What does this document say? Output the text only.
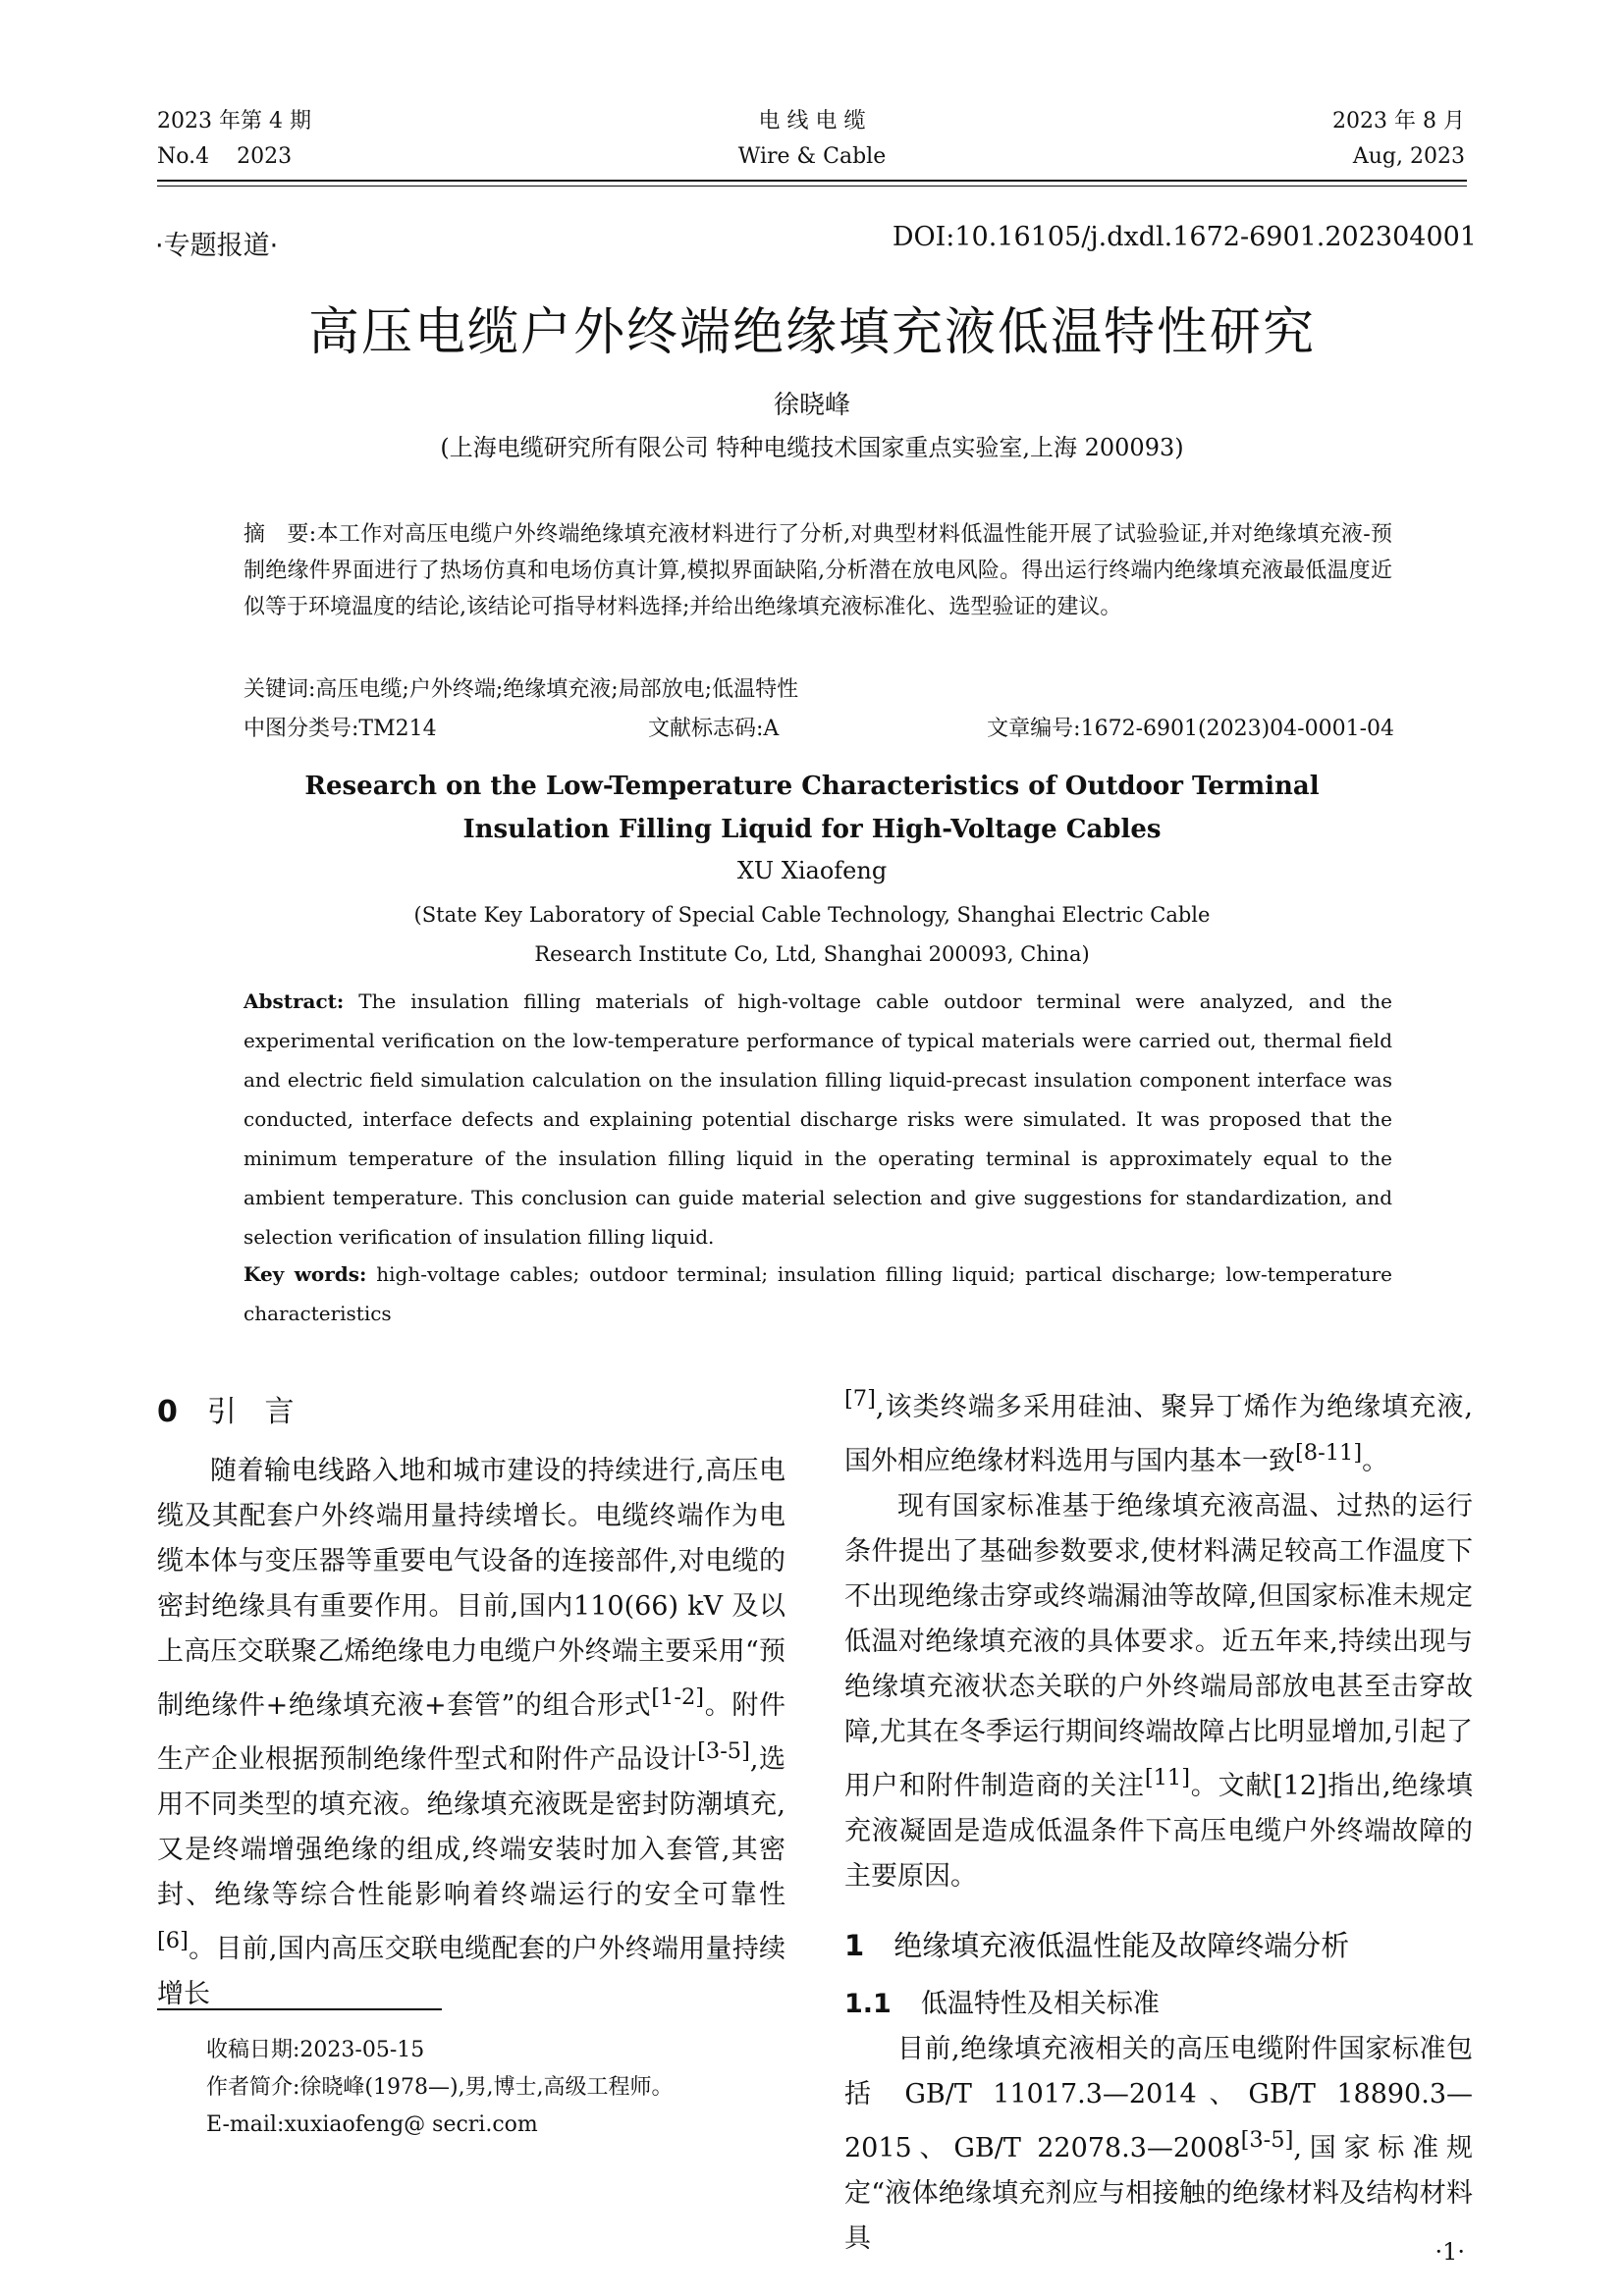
2023 年第 4 期
No.4    2023
电 线 电 缆
Wire & Cable
2023 年 8 月
Aug, 2023
·专题报道·	DOI:10.16105/j.dxdl.1672-6901.202304001
高压电缆户外终端绝缘填充液低温特性研究
徐晓峰
(上海电缆研究所有限公司 特种电缆技术国家重点实验室,上海 200093)
摘   要:本工作对高压电缆户外终端绝缘填充液材料进行了分析,对典型材料低温性能开展了试验验证,并对绝缘填充液-预制绝缘件界面进行了热场仿真和电场仿真计算,模拟界面缺陷,分析潜在放电风险。得出运行终端内绝缘填充液最低温度近似等于环境温度的结论,该结论可指导材料选择;并给出绝缘填充液标准化、选型验证的建议。
关键词:高压电缆;户外终端;绝缘填充液;局部放电;低温特性
中图分类号:TM214	文献标志码:A	文章编号:1672-6901(2023)04-0001-04
Research on the Low-Temperature Characteristics of Outdoor Terminal
Insulation Filling Liquid for High-Voltage Cables
XU Xiaofeng
(State Key Laboratory of Special Cable Technology, Shanghai Electric Cable
Research Institute Co, Ltd, Shanghai 200093, China)
Abstract: The insulation filling materials of high-voltage cable outdoor terminal were analyzed, and the experimental verification on the low-temperature performance of typical materials were carried out, thermal field and electric field simulation calculation on the insulation filling liquid-precast insulation component interface was conducted, interface defects and explaining potential discharge risks were simulated. It was proposed that the minimum temperature of the insulation filling liquid in the operating terminal is approximately equal to the ambient temperature. This conclusion can guide material selection and give suggestions for standardization, and selection verification of insulation filling liquid.
Key words: high-voltage cables; outdoor terminal; insulation filling liquid; partical discharge; low-temperature characteristics

0 引   言

随着输电线路入地和城市建设的持续进行,高压电缆及其配套户外终端用量持续增长。电缆终端作为电缆本体与变压器等重要电气设备的连接部件,对电缆的密封绝缘具有重要作用。目前,国内110(66) kV 及以上高压交联聚乙烯绝缘电力电缆户外终端主要采用“预制绝缘件+绝缘填充液+套管”的组合形式[1-2]。附件生产企业根据预制绝缘件型式和附件产品设计[3-5],选用不同类型的填充液。绝缘填充液既是密封防潮填充,又是终端增强绝缘的组成,终端安装时加入套管,其密封、绝缘等综合性能影响着终端运行的安全可靠性[6]。目前,国内高压交联电缆配套的户外终端用量持续增长

[7],该类终端多采用硅油、聚异丁烯作为绝缘填充液,国外相应绝缘材料选用与国内基本一致[8-11]。

现有国家标准基于绝缘填充液高温、过热的运行条件提出了基础参数要求,使材料满足较高工作温度下不出现绝缘击穿或终端漏油等故障,但国家标准未规定低温对绝缘填充液的具体要求。近五年来,持续出现与绝缘填充液状态关联的户外终端局部放电甚至击穿故障,尤其在冬季运行期间终端故障占比明显增加,引起了用户和附件制造商的关注[11]。文献[12]指出,绝缘填充液凝固是造成低温条件下高压电缆户外终端故障的主要原因。

1 绝缘填充液低温性能及故障终端分析

1.1 低温特性及相关标准

目前,绝缘填充液相关的高压电缆附件国家标准包括 GB/T 11017.3—2014、GB/T 18890.3—2015、GB/T 22078.3—2008[3-5],国家标准规定“液体绝缘填充剂应与相接触的绝缘材料及结构材料具

收稿日期:2023-05-15
作者简介:徐晓峰(1978—),男,博士,高级工程师。
E-mail:xuxiaofeng@ secri.com
·1·
